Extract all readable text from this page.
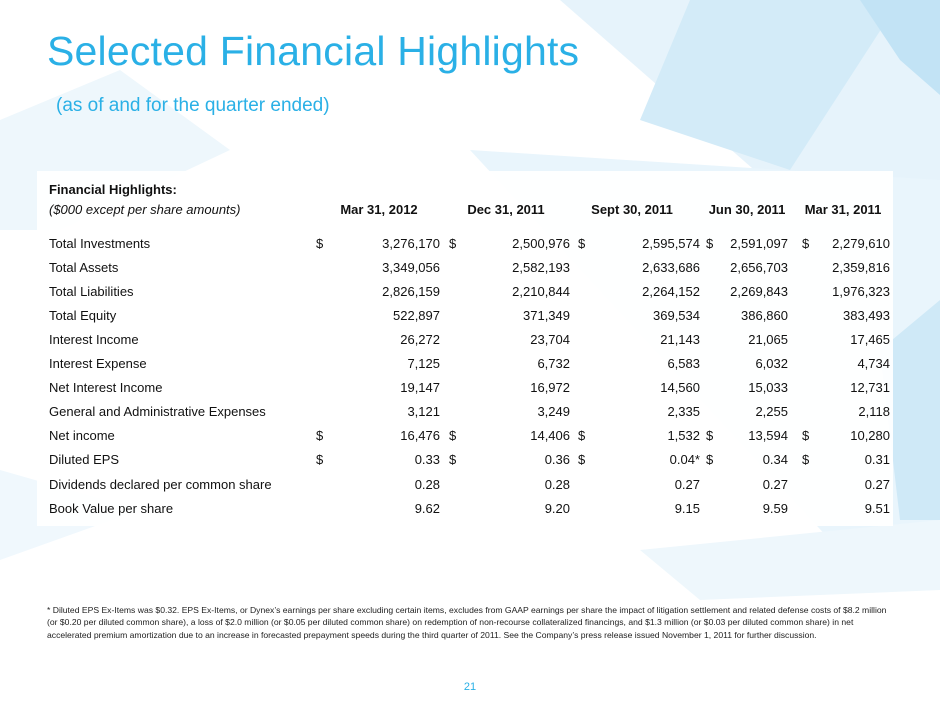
Selected Financial Highlights
(as of and for the quarter ended)
Financial Highlights:
($000 except per share amounts)	Mar 31, 2012	Dec 31, 2011	Sept 30, 2011	Jun 30, 2011	Mar 31, 2011
Total Investments	$	3,276,170 $	2,500,976 $	2,595,574 $	2,591,097 $	2,279,610
Total Assets	3,349,056	2,582,193	2,633,686	2,656,703	2,359,816
Total Liabilities	2,826,159	2,210,844	2,264,152	2,269,843	1,976,323
Total Equity	522,897	371,349	369,534	386,860	383,493
Interest Income	26,272	23,704	21,143	21,065	17,465
Interest Expense	7,125	6,732	6,583	6,032	4,734
Net Interest Income	19,147	16,972	14,560	15,033	12,731
General and Administrative Expenses	3,121	3,249	2,335	2,255	2,118
Net income	$	16,476 $	14,406 $	1,532 $	13,594 $	10,280
Diluted EPS	$	0.33 $	0.36 $	0.04* $	0.34 $	0.31
Dividends declared per common share	0.28	0.28	0.27	0.27	0.27
Book Value per share	9.62	9.20	9.15	9.59	9.51

* Diluted EPS Ex-Items was $0.32. EPS Ex-Items, or Dynex’s earnings per share excluding certain items, excludes from GAAP earnings per share the impact of litigation settlement and related defense costs of $8.2 million (or $0.20 per diluted common share), a loss of $2.0 million (or $0.05 per diluted common share) on redemption of non-recourse collateralized financings, and $1.3 million (or $0.03 per diluted common share) in net accelerated premium amortization due to an increase in forecasted prepayment speeds during the third quarter of 2011. See the Company’s press release issued November 1, 2011 for further discussion.

21
